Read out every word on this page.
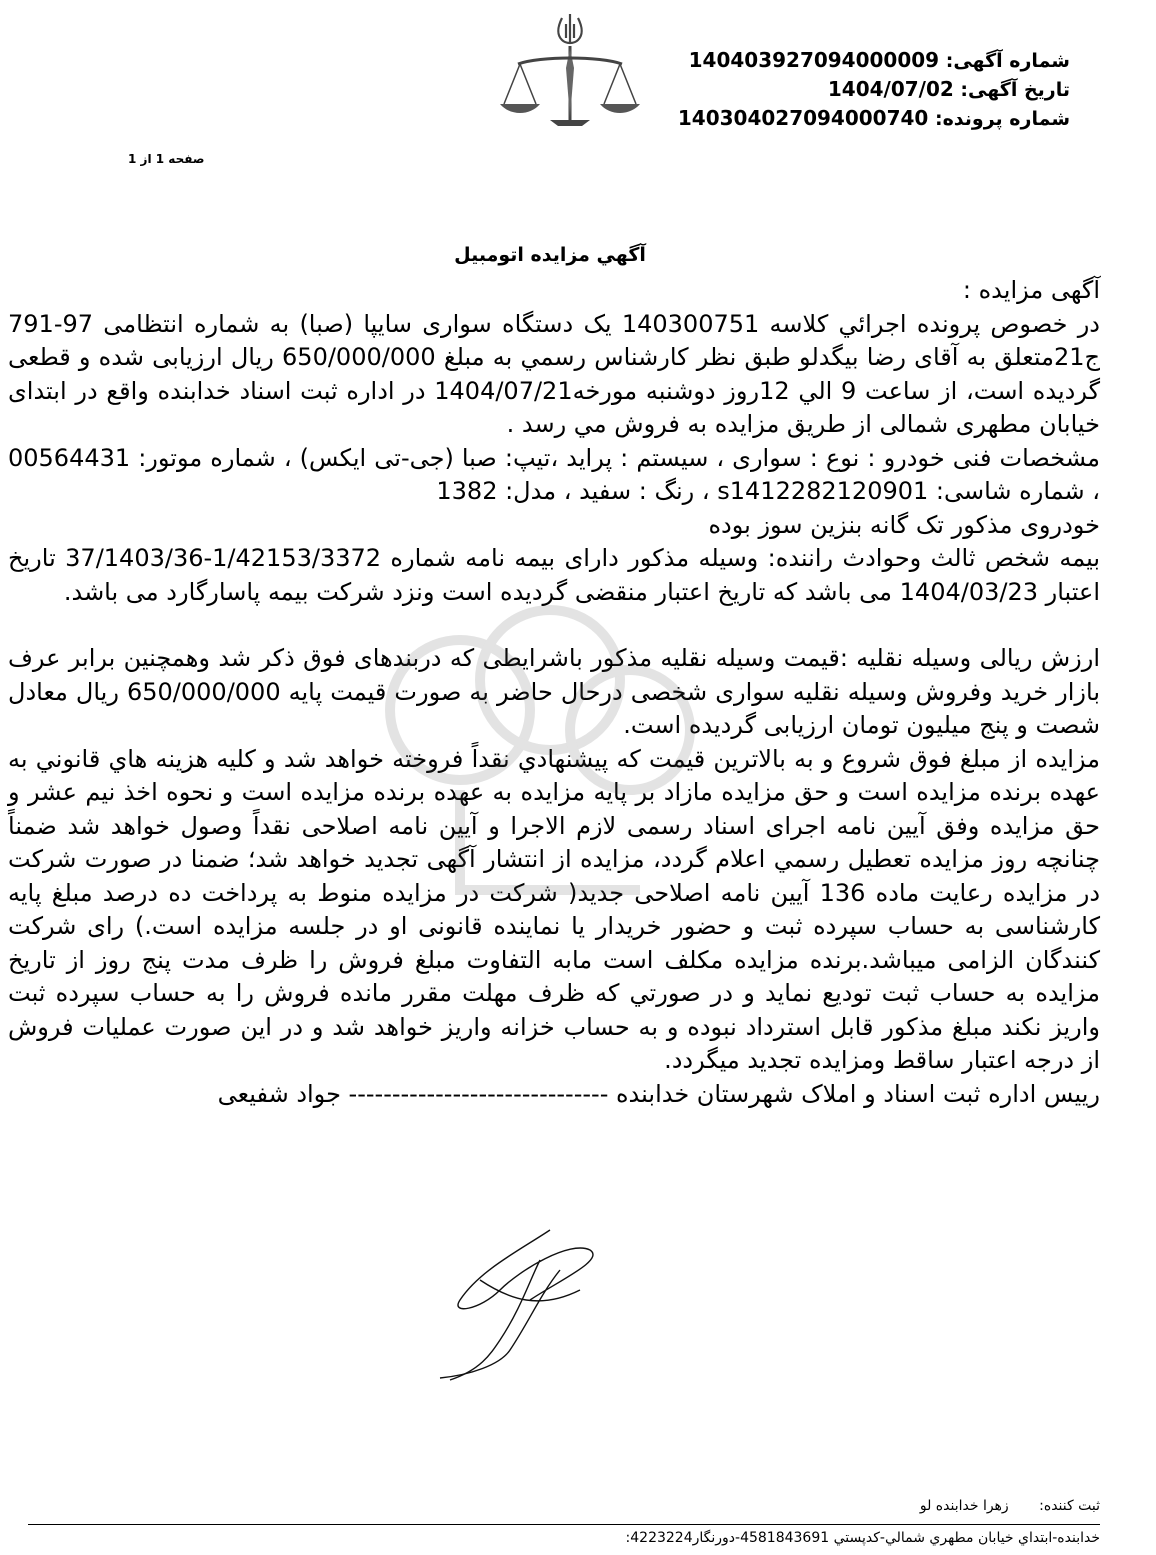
شماره آگهی: 140403927094000009
تاریخ آگهی: 1404/07/02
شماره پرونده: 14030402709400074‌0
صفحه 1 از 1
آگهي مزایده اتومبیل

آگهی مزایده :

در خصوص پرونده اجرائي کلاسه 140300751 یک دستگاه سواری سایپا (صبا) به شماره انتظامی 97-791 ج21متعلق به آقای رضا بیگدلو طبق نظر کارشناس رسمي به مبلغ 650/000/000 ریال ارزیابی شده و قطعی گردیده است، از ساعت 9 الي 12روز دوشنبه مورخه1404/07/21 در اداره ثبت اسناد خدابنده واقع در ابتدای خیابان مطهری شمالی از طریق مزایده به فروش مي رسد .

مشخصات فنی خودرو : نوع : سواری ، سیستم : پراید ،تیپ: صبا (جی-تی ایکس) ، شماره موتور: 00564431 ، شماره شاسی: s1412282120901 ، رنگ : سفید ، مدل: 1382

خودروی مذکور تک گانه بنزین سوز بوده

بیمه شخص ثالث وحوادث راننده: وسیله مذکور دارای بیمه نامه شماره 1/42153/3372-37/1403/36 تاریخ اعتبار 1404/03/23 می باشد که تاریخ اعتبار منقضی گردیده است ونزد شرکت بیمه پاسارگارد می باشد.

ارزش ریالی وسیله نقلیه :قیمت وسیله نقلیه مذکور باشرایطی که دربندهای فوق ذکر شد وهمچنین برابر عرف بازار خرید وفروش وسیله نقلیه سواری شخصی درحال حاضر به صورت قیمت پایه 650/000/000 ریال معادل شصت و پنج میلیون تومان ارزیابی گردیده است.

مزایده از مبلغ فوق شروع و به بالاترین قیمت که پیشنهادي نقداً فروخته خواهد شد و کلیه هزینه هاي قانوني به عهده برنده مزایده است و حق مزایده مازاد بر پایه مزایده به عهده برنده مزایده است و نحوه اخذ نیم عشر و حق مزایده وفق آیین نامه اجرای اسناد رسمی لازم الاجرا و آیین نامه اصلاحی نقداً وصول خواهد شد ضمناً چنانچه روز مزایده تعطیل رسمي اعلام گردد، مزایده از انتشار آگهی تجدید خواهد شد؛ ضمنا در صورت شرکت در مزایده رعایت ماده 136 آیین نامه اصلاحی جدید( شرکت در مزایده منوط به پرداخت ده درصد مبلغ پایه کارشناسی به حساب سپرده ثبت و حضور خریدار یا نماینده قانونی او در جلسه مزایده است.) رای شرکت کنندگان الزامی میباشد.برنده مزایده مکلف است مابه التفاوت مبلغ فروش را ظرف مدت پنج روز از تاریخ مزایده به حساب ثبت تودیع نماید و در صورتي که ظرف مهلت مقرر مانده فروش را به حساب سپرده ثبت واریز نکند مبلغ مذکور قابل استرداد نبوده و به حساب خزانه واریز خواهد شد و در این صورت عملیات فروش از درجه اعتبار ساقط ومزایده تجدید میگردد.

رییس اداره ثبت اسناد و املاک شهرستان خدابنده ------------------------------ جواد شفیعی

ثبت کننده: زهرا خدابنده لو
خدابنده-ابتداي خيابان مطهري شمالي-کدپستي 4581843691-دورنگار4223224:
